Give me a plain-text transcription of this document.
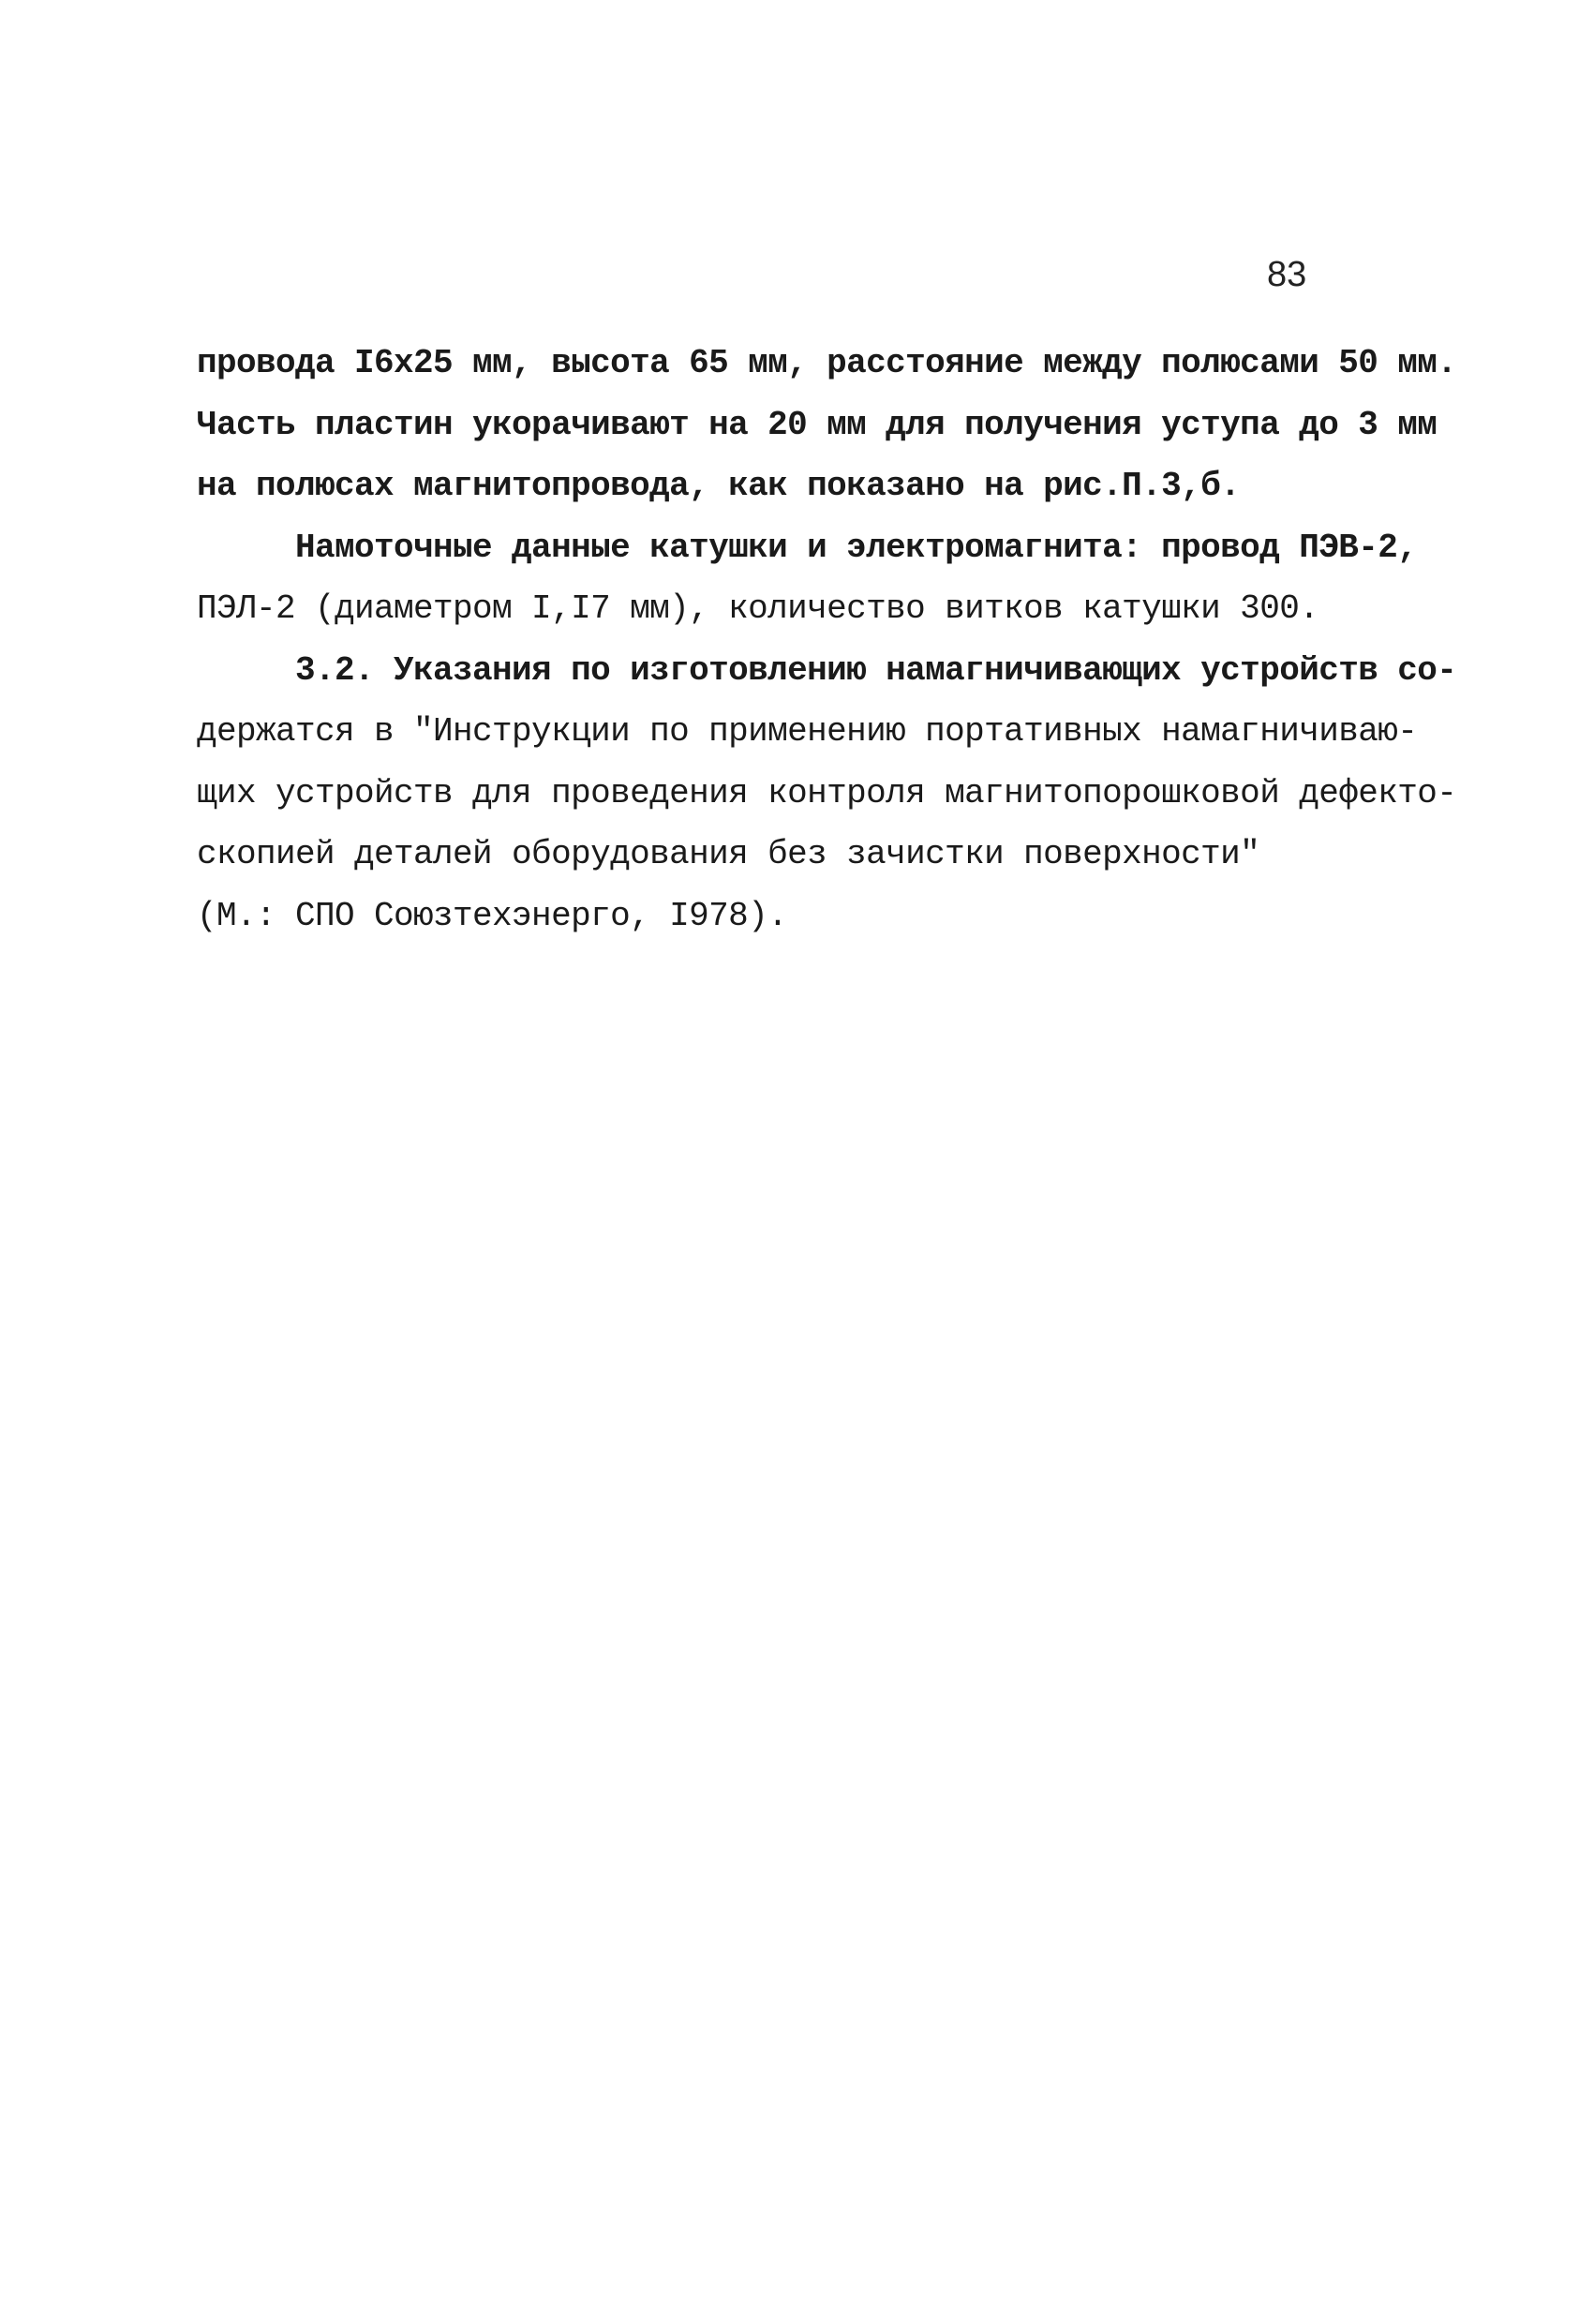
83
провода I6x25 мм, высота 65 мм, расстояние между полюсами 50 мм.
Часть пластин укорачивают на 20 мм для получения уступа до 3 мм
на полюсах магнитопровода, как показано на рис.П.3,б.
Намоточные данные катушки и электромагнита: провод ПЭВ-2,
ПЭЛ-2 (диаметром I,I7 мм), количество витков катушки 300.
3.2. Указания по изготовлению намагничивающих устройств со-
держатся в "Инструкции по применению портативных намагничиваю-
щих устройств для проведения контроля магнитопорошковой дефекто-
скопией деталей оборудования без зачистки поверхности"
(М.: СПО Союзтехэнерго, I978).
